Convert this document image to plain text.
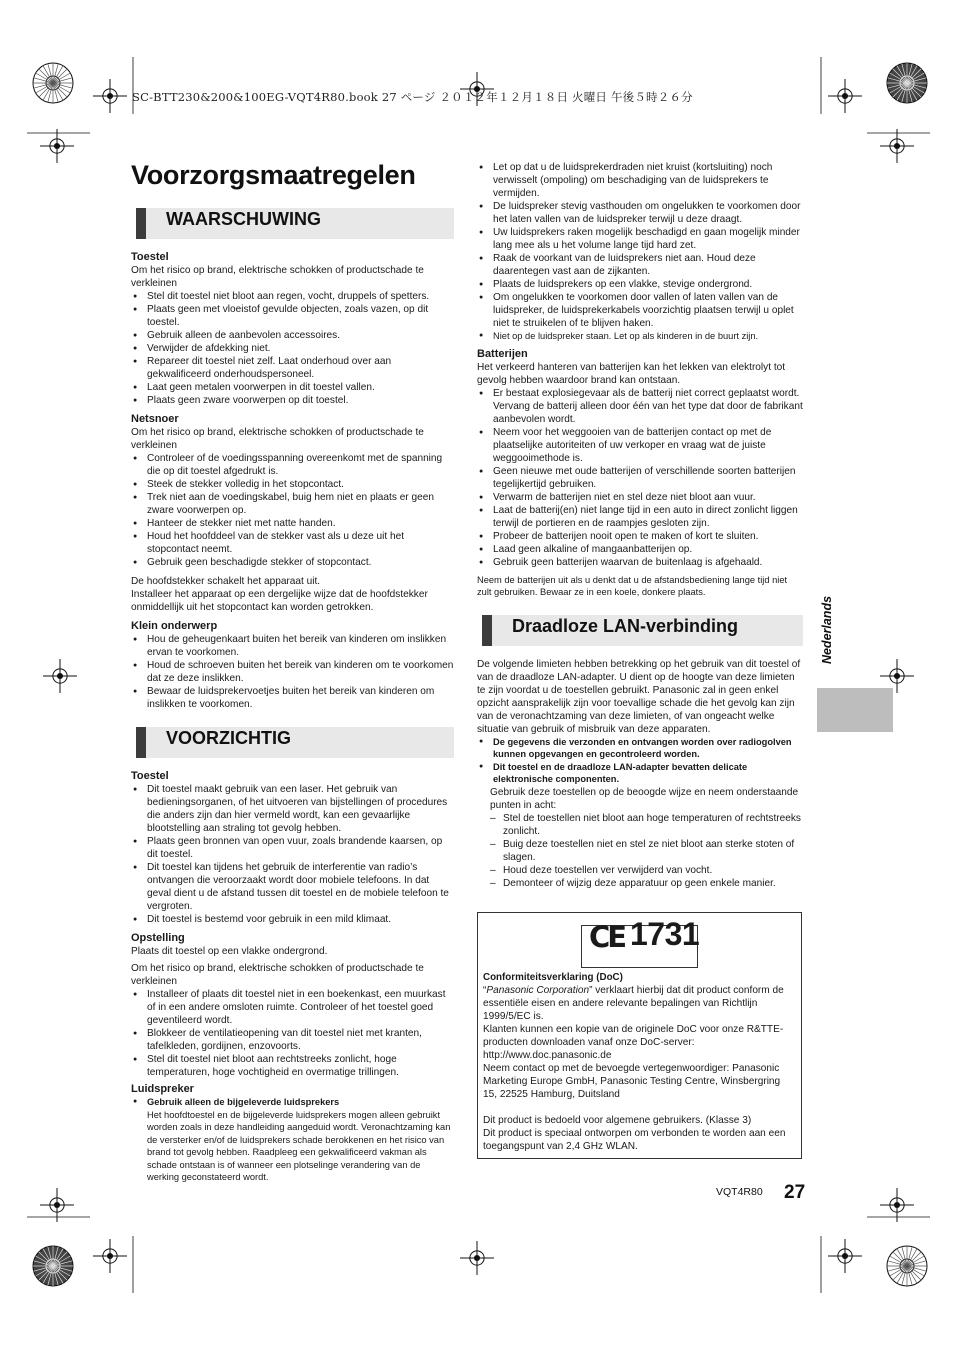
SC-BTT230&200&100EG-VQT4R80.book 27 ページ ２０１２年１２月１８日 火曜日 午後５時２６分
Voorzorgsmaatregelen
WAARSCHUWING
Toestel

Om het risico op brand, elektrische schokken of productschade te verkleinen

● Stel dit toestel niet bloot aan regen, vocht, druppels of spetters.
● Plaats geen met vloeistof gevulde objecten, zoals vazen, op dit toestel.
● Gebruik alleen de aanbevolen accessoires.
● Verwijder de afdekking niet.
● Repareer dit toestel niet zelf. Laat onderhoud over aan gekwalificeerd onderhoudspersoneel.
● Laat geen metalen voorwerpen in dit toestel vallen.
● Plaats geen zware voorwerpen op dit toestel.
Netsnoer

Om het risico op brand, elektrische schokken of productschade te verkleinen

● Controleer of de voedingsspanning overeenkomt met de spanning die op dit toestel afgedrukt is.
● Steek de stekker volledig in het stopcontact.
● Trek niet aan de voedingskabel, buig hem niet en plaats er geen zware voorwerpen op.
● Hanteer de stekker niet met natte handen.
● Houd het hoofddeel van de stekker vast als u deze uit het stopcontact neemt.
● Gebruik geen beschadigde stekker of stopcontact.

De hoofdstekker schakelt het apparaat uit.

Installeer het apparaat op een dergelijke wijze dat de hoofdstekker onmiddellijk uit het stopcontact kan worden getrokken.

Klein onderwerp
● Hou de geheugenkaart buiten het bereik van kinderen om inslikken ervan te voorkomen.
● Houd de schroeven buiten het bereik van kinderen om te voorkomen dat ze deze inslikken.
● Bewaar de luidsprekervoetjes buiten het bereik van kinderen om inslikken te voorkomen.
VOORZICHTIG
Toestel
● Dit toestel maakt gebruik van een laser. Het gebruik van bedieningsorganen, of het uitvoeren van bijstellingen of procedures die anders zijn dan hier vermeld wordt, kan een gevaarlijke blootstelling aan straling tot gevolg hebben.
● Plaats geen bronnen van open vuur, zoals brandende kaarsen, op dit toestel.
● Dit toestel kan tijdens het gebruik de interferentie van radio’s ontvangen die veroorzaakt wordt door mobiele telefoons. In dat geval dient u de afstand tussen dit toestel en de mobiele telefoon te vergroten.
● Dit toestel is bestemd voor gebruik in een mild klimaat.
Opstelling

Plaats dit toestel op een vlakke ondergrond.

Om het risico op brand, elektrische schokken of productschade te verkleinen

● Installeer of plaats dit toestel niet in een boekenkast, een muurkast of in een andere omsloten ruimte. Controleer of het toestel goed geventileerd wordt.
● Blokkeer de ventilatieopening van dit toestel niet met kranten, tafelkleden, gordijnen, enzovoorts.
● Stel dit toestel niet bloot aan rechtstreeks zonlicht, hoge temperaturen, hoge vochtigheid en overmatige trillingen.
Luidspreker
● Gebruik alleen de bijgeleverde luidsprekers

Het hoofdtoestel en de bijgeleverde luidsprekers mogen alleen gebruikt worden zoals in deze handleiding aangeduid wordt. Veronachtzaming kan de versterker en/of de luidsprekers schade berokkenen en het risico van brand tot gevolg hebben. Raadpleeg een gekwalificeerd vakman als schade ontstaan is of wanneer een plotselinge verandering van de werking geconstateerd wordt.

● Let op dat u de luidsprekerdraden niet kruist (kortsluiting) noch verwisselt (ompoling) om beschadiging van de luidsprekers te vermijden.
● De luidspreker stevig vasthouden om ongelukken te voorkomen door het laten vallen van de luidspreker terwijl u deze draagt.
● Uw luidsprekers raken mogelijk beschadigd en gaan mogelijk minder lang mee als u het volume lange tijd hard zet.
● Raak de voorkant van de luidsprekers niet aan. Houd deze daarentegen vast aan de zijkanten.
● Plaats de luidsprekers op een vlakke, stevige ondergrond.
● Om ongelukken te voorkomen door vallen of laten vallen van de luidspreker, de luidsprekerkabels voorzichtig plaatsen terwijl u oplet niet te struikelen of te blijven haken.
● Niet op de luidspreker staan. Let op als kinderen in de buurt zijn.
Batterijen

Het verkeerd hanteren van batterijen kan het lekken van elektrolyt tot gevolg hebben waardoor brand kan ontstaan.

● Er bestaat explosiegevaar als de batterij niet correct geplaatst wordt. Vervang de batterij alleen door één van het type dat door de fabrikant aanbevolen wordt.
● Neem voor het weggooien van de batterijen contact op met de plaatselijke autoriteiten of uw verkoper en vraag wat de juiste weggooimethode is.
● Geen nieuwe met oude batterijen of verschillende soorten batterijen tegelijkertijd gebruiken.
● Verwarm de batterijen niet en stel deze niet bloot aan vuur.
● Laat de batterij(en) niet lange tijd in een auto in direct zonlicht liggen terwijl de portieren en de raampjes gesloten zijn.
● Probeer de batterijen nooit open te maken of kort te sluiten.
● Laad geen alkaline of mangaanbatterijen op.
● Gebruik geen batterijen waarvan de buitenlaag is afgehaald.

Neem de batterijen uit als u denkt dat u de afstandsbediening lange tijd niet zult gebruiken. Bewaar ze in een koele, donkere plaats.

Draadloze LAN-verbinding

De volgende limieten hebben betrekking op het gebruik van dit toestel of van de draadloze LAN-adapter. U dient op de hoogte van deze limieten te zijn voordat u de toestellen gebruikt. Panasonic zal in geen enkel opzicht aansprakelijk zijn voor toevallige schade die het gevolg kan zijn van de veronachtzaming van deze limieten, of van ongeacht welke situatie van gebruik of misbruik van deze apparaten.

● De gegevens die verzonden en ontvangen worden over radiogolven kunnen opgevangen en gecontroleerd worden.
● Dit toestel en de draadloze LAN-adapter bevatten delicate elektronische componenten.

Gebruik deze toestellen op de beoogde wijze en neem onderstaande punten in acht:

– Stel de toestellen niet bloot aan hoge temperaturen of rechtstreeks zonlicht.
– Buig deze toestellen niet en stel ze niet bloot aan sterke stoten of slagen.
– Houd deze toestellen ver verwijderd van vocht.
– Demonteer of wijzig deze apparatuur op geen enkele manier.
CE 1731
Conformiteitsverklaring (DoC)
“Panasonic Corporation” verklaart hierbij dat dit product conform de essentiële eisen en andere relevante bepalingen van Richtlijn 1999/5/EC is.
Klanten kunnen een kopie van de originele DoC voor onze R&TTE-producten downloaden vanaf onze DoC-server:
http://www.doc.panasonic.de
Neem contact op met de bevoegde vertegenwoordiger: Panasonic Marketing Europe GmbH, Panasonic Testing Centre, Winsbergring 15, 22525 Hamburg, Duitsland
Dit product is bedoeld voor algemene gebruikers. (Klasse 3)
Dit product is speciaal ontworpen om verbonden te worden aan een toegangspunt van 2,4 GHz WLAN.
Nederlands
VQT4R80 27
